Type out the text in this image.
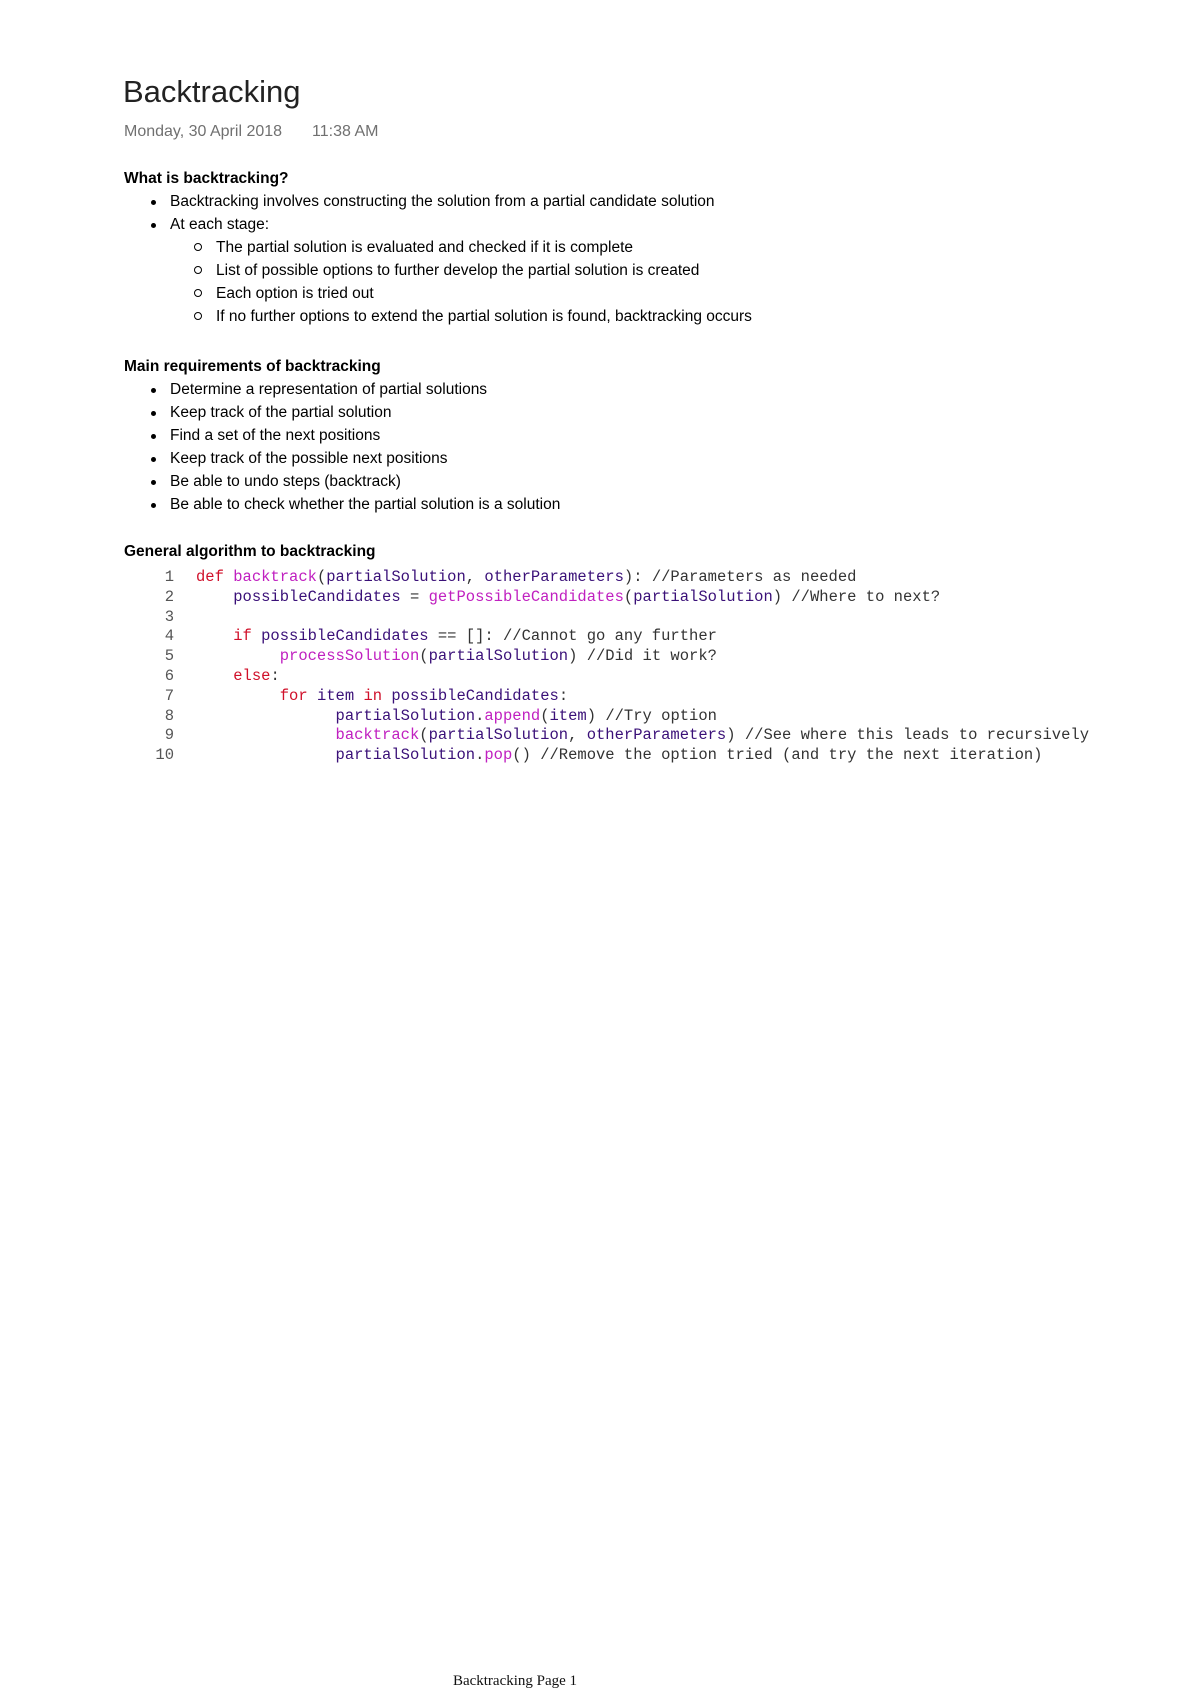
Backtracking
Monday, 30 April 2018 11:38 AM
What is backtracking?
Backtracking involves constructing the solution from a partial candidate solution
At each stage:
The partial solution is evaluated and checked if it is complete
List of possible options to further develop the partial solution is created
Each option is tried out
If no further options to extend the partial solution is found, backtracking occurs
Main requirements of backtracking
Determine a representation of partial solutions
Keep track of the partial solution
Find a set of the next positions
Keep track of the possible next positions
Be able to undo steps (backtrack)
Be able to check whether the partial solution is a solution
General algorithm to backtracking
1 def backtrack(partialSolution, otherParameters): //Parameters as needed
2	possibleCandidates = getPossibleCandidates(partialSolution) //Where to next?
3
4	if possibleCandidates == []: //Cannot go any further
5	processSolution(partialSolution) //Did it work?
6	else:
7	for item in possibleCandidates:
8	partialSolution.append(item) //Try option
9	backtrack(partialSolution, otherParameters) //See where this leads to recursively
10	partialSolution.pop() //Remove the option tried (and try the next iteration)
Backtracking Page 1
